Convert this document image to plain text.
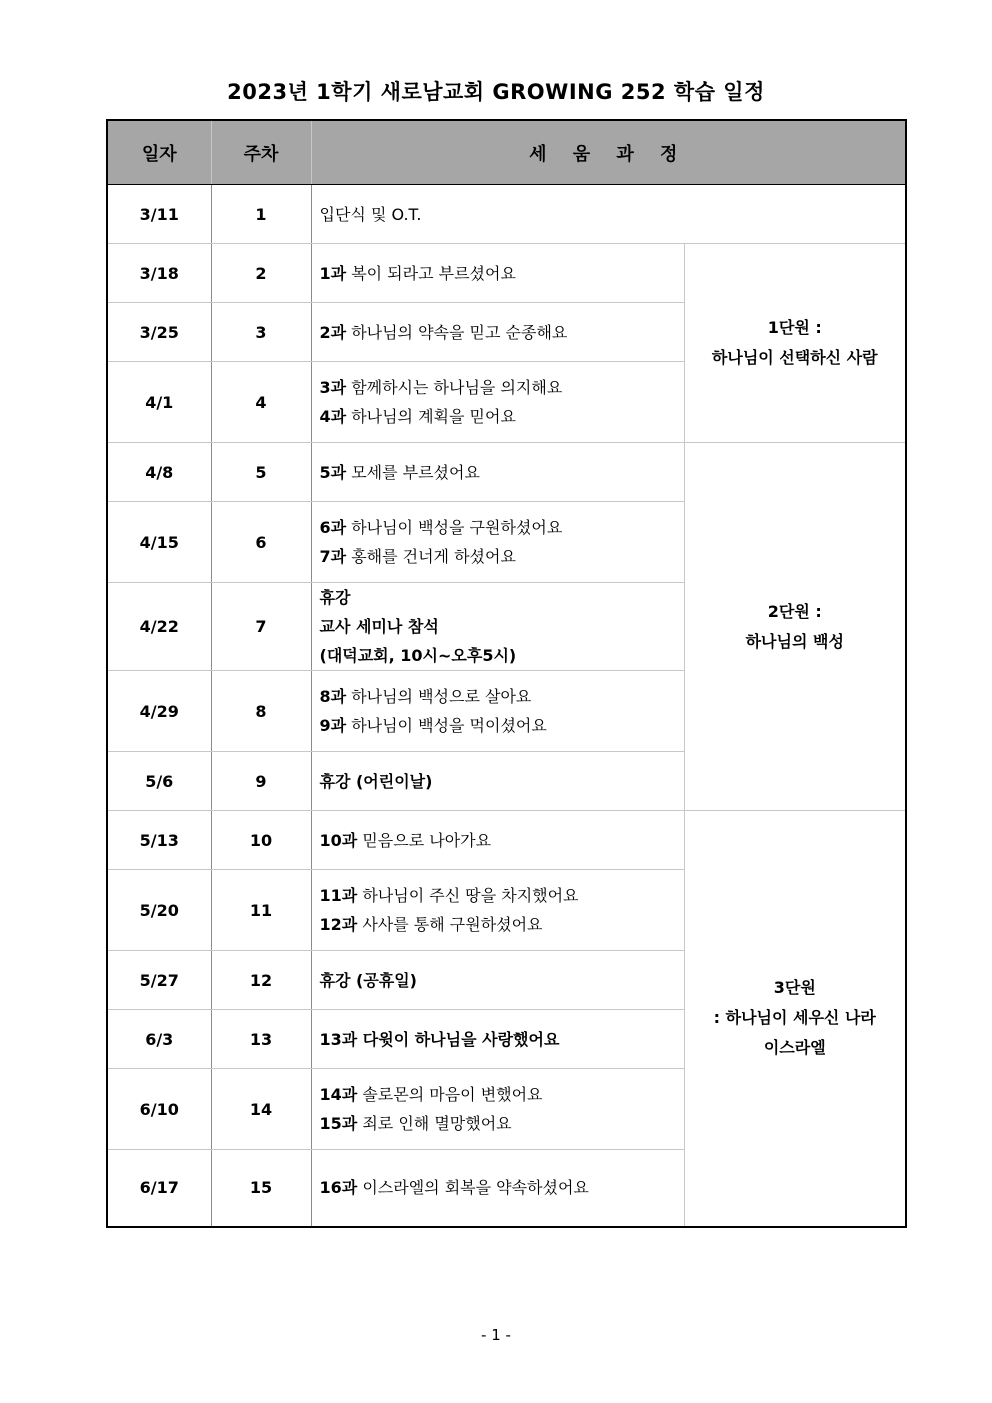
2023년 1학기 새로남교회 GROWING 252 학습 일정
일자	주차	세 움 과 정	
3/11	1	입단식 및 O.T.	

3/18	2	1과 복이 되라고 부르셨어요	1단원 :
하나님이 선택하신 사람

3/25	3	2과 하나님의 약속을 믿고 순종해요	

4/1	4	3과 함께하시는 하나님을 의지해요
4과 하나님의 계획을 믿어요	

4/8	5	5과 모세를 부르셨어요	2단원 :
하나님의 백성

4/15	6	6과 하나님이 백성을 구원하셨어요
7과 홍해를 건너게 하셨어요	

4/22	7	휴강
교사 세미나 참석
(대덕교회, 10시~오후5시)	

4/29	8	8과 하나님의 백성으로 살아요
9과 하나님이 백성을 먹이셨어요	

5/6	9	휴강 (어린이날)	

5/13	10	10과 믿음으로 나아가요	3단원
: 하나님이 세우신 나라
이스라엘

5/20	11	11과 하나님이 주신 땅을 차지했어요
12과 사사를 통해 구원하셨어요	

5/27	12	휴강 (공휴일)	

6/3	13	13과 다윗이 하나님을 사랑했어요	

6/10	14	14과 솔로몬의 마음이 변했어요
15과 죄로 인해 멸망했어요	

6/17	15	16과 이스라엘의 회복을 약속하셨어요	
- 1 -
